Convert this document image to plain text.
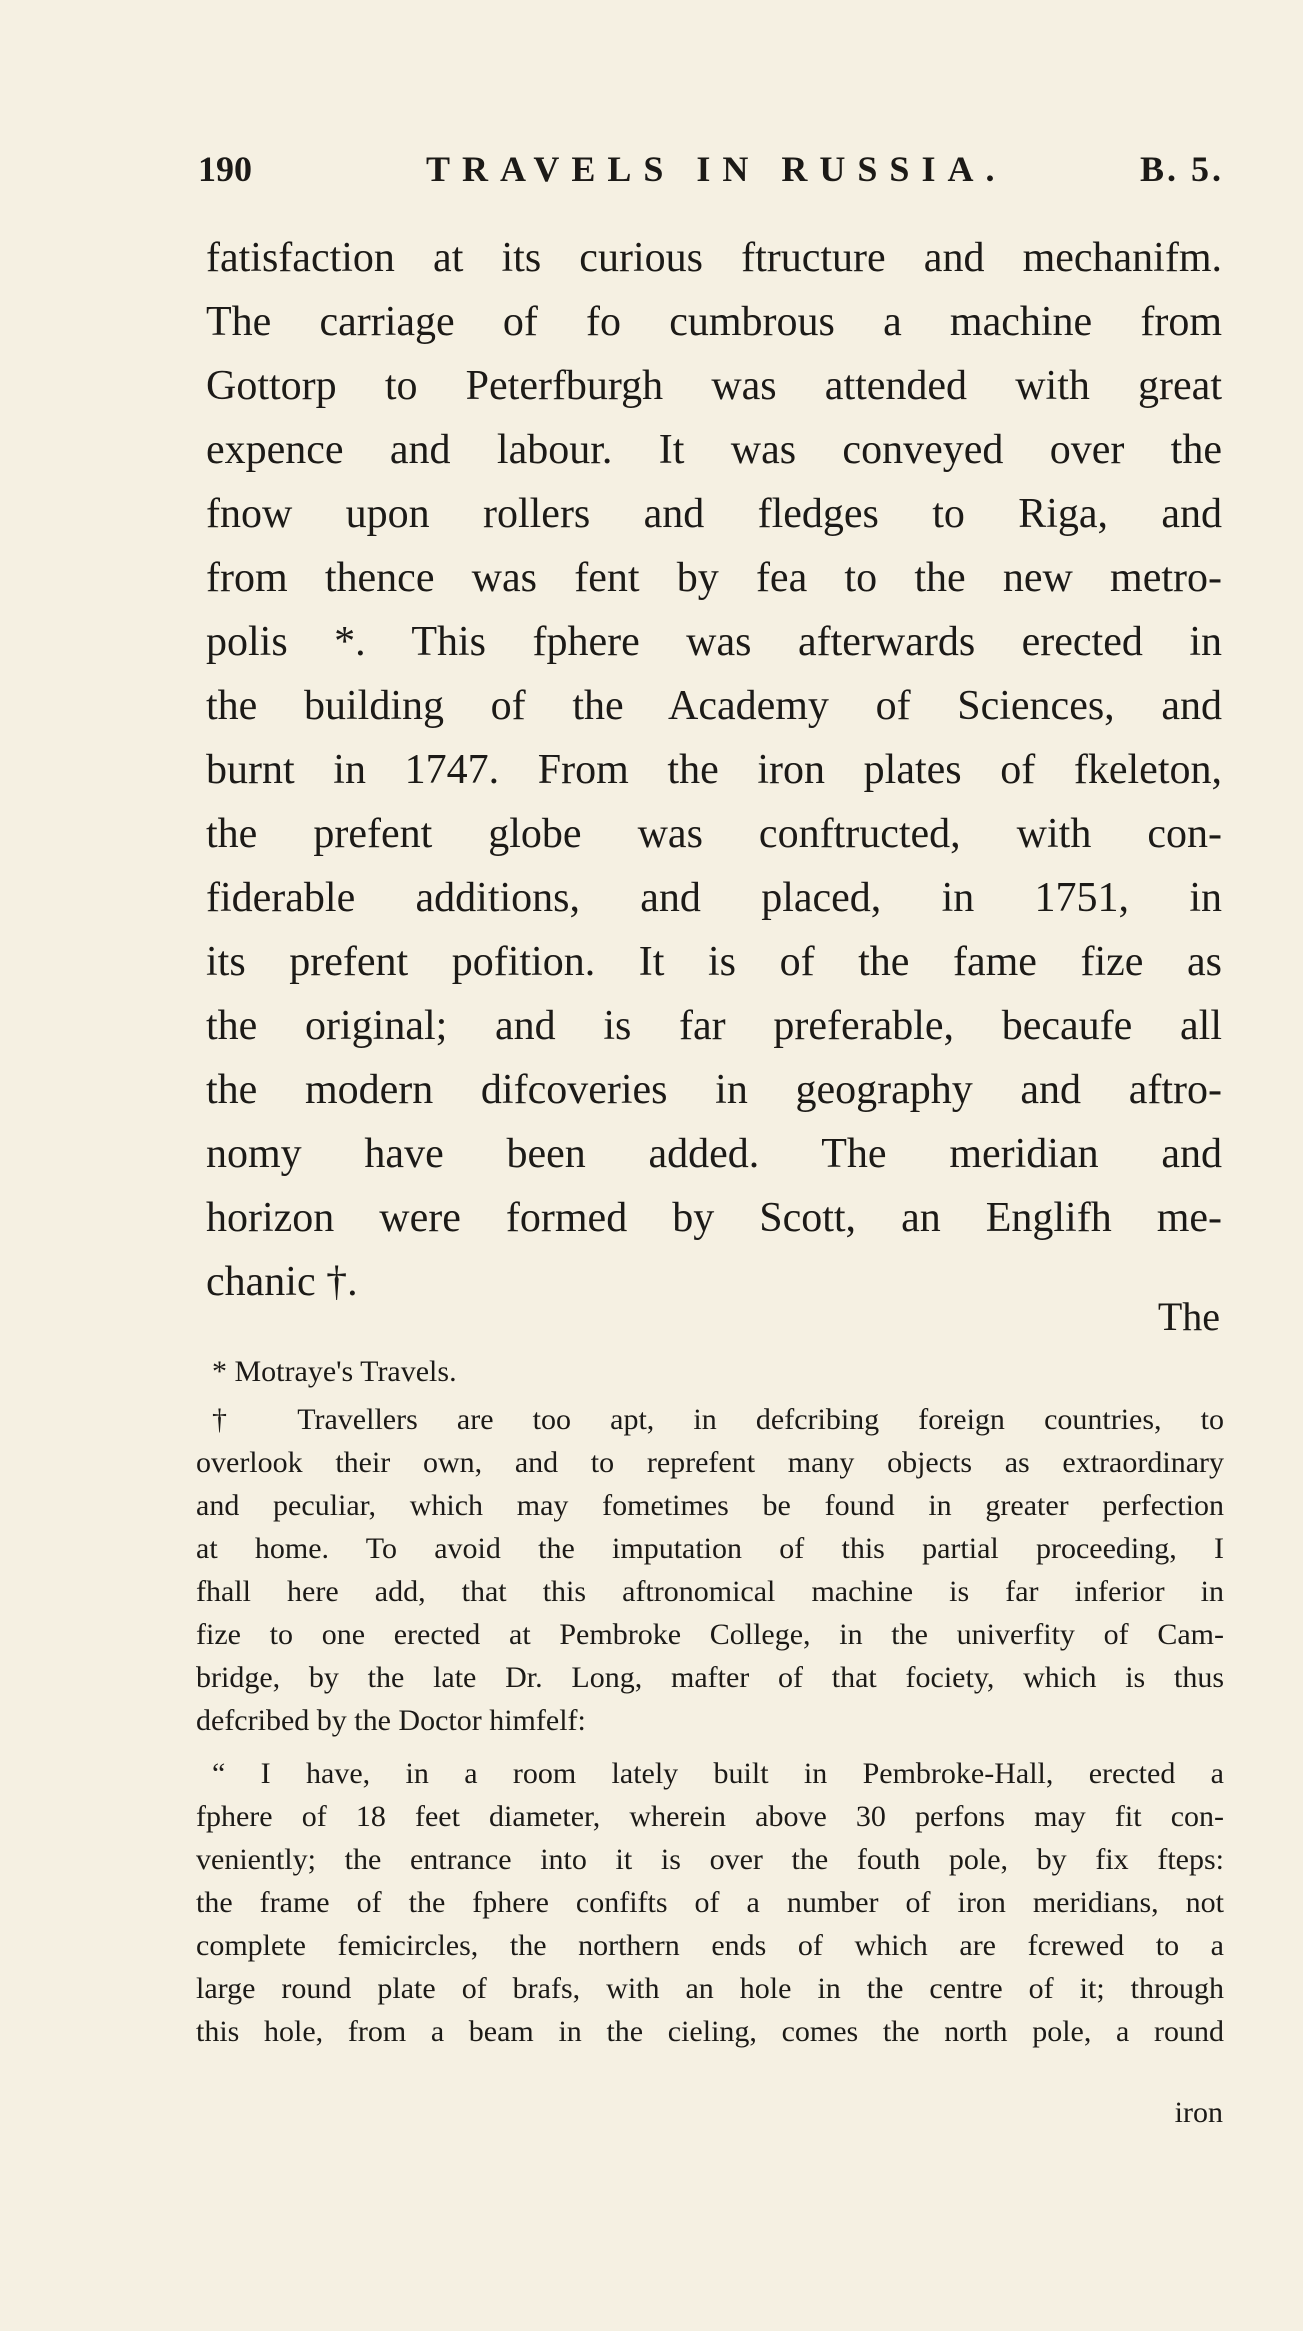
190	TRAVELS IN RUSSIA.	B. 5.
fatisfaction at its curious ftructure and mechanifm.
The carriage of fo cumbrous a machine from
Gottorp to Peterfburgh was attended with great
expence and labour. It was conveyed over the
fnow upon rollers and fledges to Riga, and
from thence was fent by fea to the new metro-
polis *. This fphere was afterwards erected in
the building of the Academy of Sciences, and
burnt in 1747. From the iron plates of fkeleton,
the prefent globe was conftructed, with con-
fiderable additions, and placed, in 1751, in
its prefent pofition. It is of the fame fize as
the original; and is far preferable, becaufe all
the modern difcoveries in geography and aftro-
nomy have been added. The meridian and
horizon were formed by Scott, an Englifh me-
chanic †.
The
* Motraye's Travels.
† Travellers are too apt, in defcribing foreign countries, to
overlook their own, and to reprefent many objects as extraordinary
and peculiar, which may fometimes be found in greater perfection
at home. To avoid the imputation of this partial proceeding, I
fhall here add, that this aftronomical machine is far inferior in
fize to one erected at Pembroke College, in the univerfity of Cam-
bridge, by the late Dr. Long, mafter of that fociety, which is thus
defcribed by the Doctor himfelf:
“ I have, in a room lately built in Pembroke-Hall, erected a
fphere of 18 feet diameter, wherein above 30 perfons may fit con-
veniently; the entrance into it is over the fouth pole, by fix fteps:
the frame of the fphere confifts of a number of iron meridians, not
complete femicircles, the northern ends of which are fcrewed to a
large round plate of brafs, with an hole in the centre of it; through
this hole, from a beam in the cieling, comes the north pole, a round
iron
